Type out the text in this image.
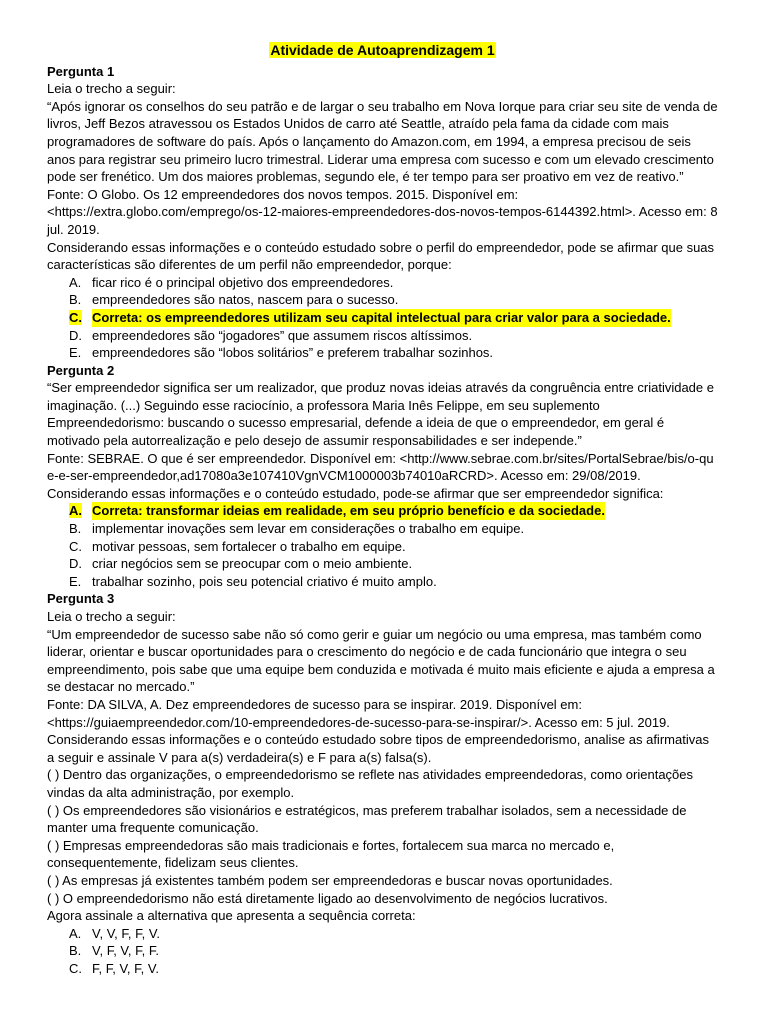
Atividade de Autoaprendizagem 1

Pergunta 1

Leia o trecho a seguir:

“Após ignorar os conselhos do seu patrão e de largar o seu trabalho em Nova Iorque para criar seu site de venda de livros, Jeff Bezos atravessou os Estados Unidos de carro até Seattle, atraído pela fama da cidade com mais programadores de software do país. Após o lançamento do Amazon.com, em 1994, a empresa precisou de seis anos para registrar seu primeiro lucro trimestral. Liderar uma empresa com sucesso e com um elevado crescimento pode ser frenético. Um dos maiores problemas, segundo ele, é ter tempo para ser proativo em vez de reativo.”

Fonte: O Globo. Os 12 empreendedores dos novos tempos. 2015. Disponível em: <https://extra.globo.com/emprego/os-12-maiores-empreendedores-dos-novos-tempos-6144392.html>. Acesso em: 8 jul. 2019.

Considerando essas informações e o conteúdo estudado sobre o perfil do empreendedor, pode se afirmar que suas características são diferentes de um perfil não empreendedor, porque:

A. ficar rico é o principal objetivo dos empreendedores.
B. empreendedores são natos, nascem para o sucesso.
C. Correta: os empreendedores utilizam seu capital intelectual para criar valor para a sociedade.
D. empreendedores são “jogadores” que assumem riscos altíssimos.
E. empreendedores são “lobos solitários” e preferem trabalhar sozinhos.

Pergunta 2

“Ser empreendedor significa ser um realizador, que produz novas ideias através da congruência entre criatividade e imaginação. (...) Seguindo esse raciocínio, a professora Maria Inês Felippe, em seu suplemento Empreendedorismo: buscando o sucesso empresarial, defende a ideia de que o empreendedor, em geral é motivado pela autorrealização e pelo desejo de assumir responsabilidades e ser independe.”

Fonte: SEBRAE. O que é ser empreendedor. Disponível em: <http://www.sebrae.com.br/sites/PortalSebrae/bis/o-que-e-ser-empreendedor,ad17080a3e107410VgnVCM1000003b74010aRCRD>. Acesso em: 29/08/2019.

Considerando essas informações e o conteúdo estudado, pode-se afirmar que ser empreendedor significa:

A. Correta: transformar ideias em realidade, em seu próprio benefício e da sociedade.
B. implementar inovações sem levar em considerações o trabalho em equipe.
C. motivar pessoas, sem fortalecer o trabalho em equipe.
D. criar negócios sem se preocupar com o meio ambiente.
E. trabalhar sozinho, pois seu potencial criativo é muito amplo.

Pergunta 3

Leia o trecho a seguir:

“Um empreendedor de sucesso sabe não só como gerir e guiar um negócio ou uma empresa, mas também como liderar, orientar e buscar oportunidades para o crescimento do negócio e de cada funcionário que integra o seu empreendimento, pois sabe que uma equipe bem conduzida e motivada é muito mais eficiente e ajuda a empresa a se destacar no mercado.”

Fonte: DA SILVA, A. Dez empreendedores de sucesso para se inspirar. 2019. Disponível em: <https://guiaempreendedor.com/10-empreendedores-de-sucesso-para-se-inspirar/>. Acesso em: 5 jul. 2019.

Considerando essas informações e o conteúdo estudado sobre tipos de empreendedorismo, analise as afirmativas a seguir e assinale V para a(s) verdadeira(s) e F para a(s) falsa(s).

( ) Dentro das organizações, o empreendedorismo se reflete nas atividades empreendedoras, como orientações vindas da alta administração, por exemplo.

( ) Os empreendedores são visionários e estratégicos, mas preferem trabalhar isolados, sem a necessidade de manter uma frequente comunicação.

( ) Empresas empreendedoras são mais tradicionais e fortes, fortalecem sua marca no mercado e, consequentemente, fidelizam seus clientes.

( ) As empresas já existentes também podem ser empreendedoras e buscar novas oportunidades.

( ) O empreendedorismo não está diretamente ligado ao desenvolvimento de negócios lucrativos.

Agora assinale a alternativa que apresenta a sequência correta:

A. V, V, F, F, V.
B. V, F, V, F, F.
C. F, F, V, F, V.
